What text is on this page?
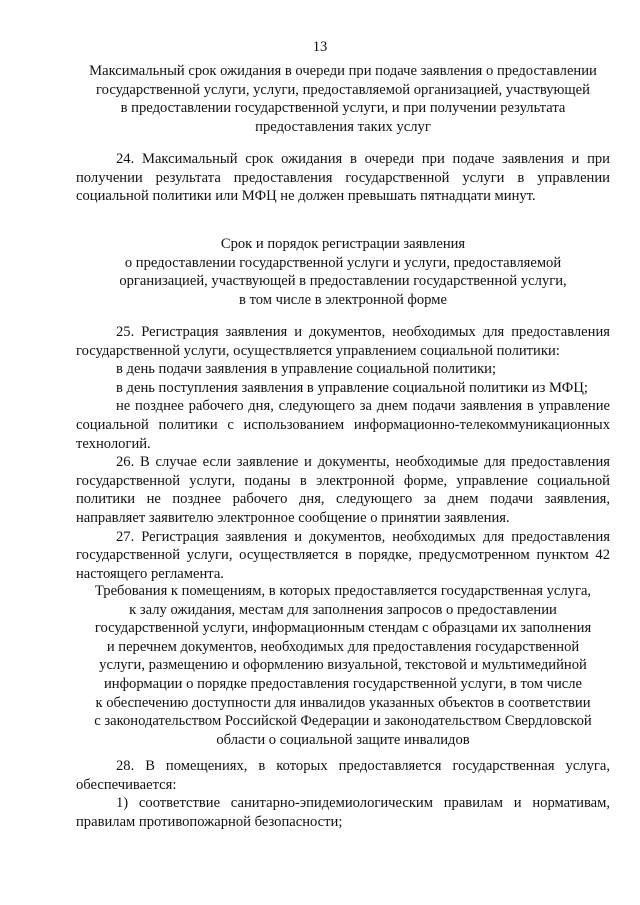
13
Максимальный срок ожидания в очереди при подаче заявления о предоставлении
государственной услуги, услуги, предоставляемой организацией, участвующей
в предоставлении государственной услуги, и при получении результата
предоставления таких услуг

24. Максимальный срок ожидания в очереди при подаче заявления и при получении результата предоставления государственной услуги в управлении социальной политики или МФЦ не должен превышать пятнадцати минут.

Срок и порядок регистрации заявления
о предоставлении государственной услуги и услуги, предоставляемой
организацией, участвующей в предоставлении государственной услуги,
в том числе в электронной форме

25. Регистрация заявления и документов, необходимых для предоставления государственной услуги, осуществляется управлением социальной политики:

в день подачи заявления в управление социальной политики;

в день поступления заявления в управление социальной политики из МФЦ;

не позднее рабочего дня, следующего за днем подачи заявления в управление социальной политики с использованием информационно-телекоммуникационных технологий.

26. В случае если заявление и документы, необходимые для предоставления государственной услуги, поданы в электронной форме, управление социальной политики не позднее рабочего дня, следующего за днем подачи заявления, направляет заявителю электронное сообщение о принятии заявления.

27. Регистрация заявления и документов, необходимых для предоставления государственной услуги, осуществляется в порядке, предусмотренном пунктом 42 настоящего регламента.

Требования к помещениям, в которых предоставляется государственная услуга,
к залу ожидания, местам для заполнения запросов о предоставлении
государственной услуги, информационным стендам с образцами их заполнения
и перечнем документов, необходимых для предоставления государственной
услуги, размещению и оформлению визуальной, текстовой и мультимедийной
информации о порядке предоставления государственной услуги, в том числе
к обеспечению доступности для инвалидов указанных объектов в соответствии
с законодательством Российской Федерации и законодательством Свердловской
области о социальной защите инвалидов

28. В помещениях, в которых предоставляется государственная услуга, обеспечивается:

1) соответствие санитарно-эпидемиологическим правилам и нормативам, правилам противопожарной безопасности;
